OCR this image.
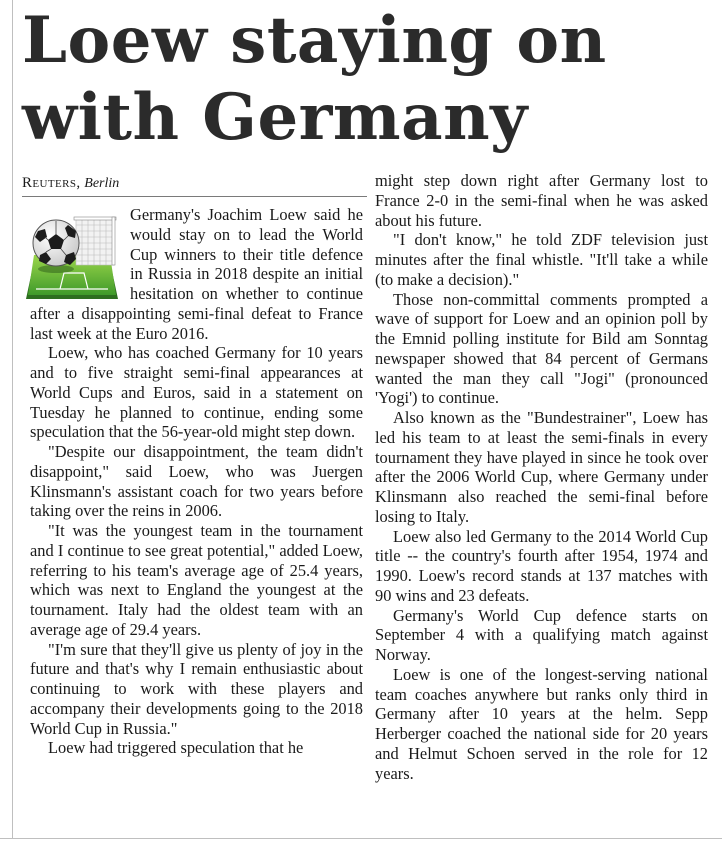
Loew staying on
with Germany
Reuters, Berlin

Germany's Joachim Loew said he would stay on to lead the World Cup winners to their title defence in Russia in 2018 despite an initial hesitation on whether to continue after a disappointing semi-final defeat to France last week at the Euro 2016.

Loew, who has coached Germany for 10 years and to five straight semi-final appearances at World Cups and Euros, said in a statement on Tuesday he planned to continue, ending some speculation that the 56-year-old might step down.

"Despite our disappointment, the team didn't disappoint," said Loew, who was Juergen Klinsmann's assistant coach for two years before taking over the reins in 2006.

"It was the youngest team in the tournament and I continue to see great potential," added Loew, referring to his team's average age of 25.4 years, which was next to England the youngest at the tournament. Italy had the oldest team with an average age of 29.4 years.

"I'm sure that they'll give us plenty of joy in the future and that's why I remain enthusiastic about continuing to work with these players and accompany their developments going to the 2018 World Cup in Russia."

Loew had triggered speculation that he

might step down right after Germany lost to France 2-0 in the semi-final when he was asked about his future.

"I don't know," he told ZDF television just minutes after the final whistle. "It'll take a while (to make a decision)."

Those non-committal comments prompted a wave of support for Loew and an opinion poll by the Emnid polling institute for Bild am Sonntag newspaper showed that 84 percent of Germans wanted the man they call "Jogi" (pronounced 'Yogi') to continue.

Also known as the "Bundestrainer", Loew has led his team to at least the semi-finals in every tournament they have played in since he took over after the 2006 World Cup, where Germany under Klinsmann also reached the semi-final before losing to Italy.

Loew also led Germany to the 2014 World Cup title -- the country's fourth after 1954, 1974 and 1990. Loew's record stands at 137 matches with 90 wins and 23 defeats.

Germany's World Cup defence starts on September 4 with a qualifying match against Norway.

Loew is one of the longest-serving national team coaches anywhere but ranks only third in Germany after 10 years at the helm. Sepp Herberger coached the national side for 20 years and Helmut Schoen served in the role for 12 years.
